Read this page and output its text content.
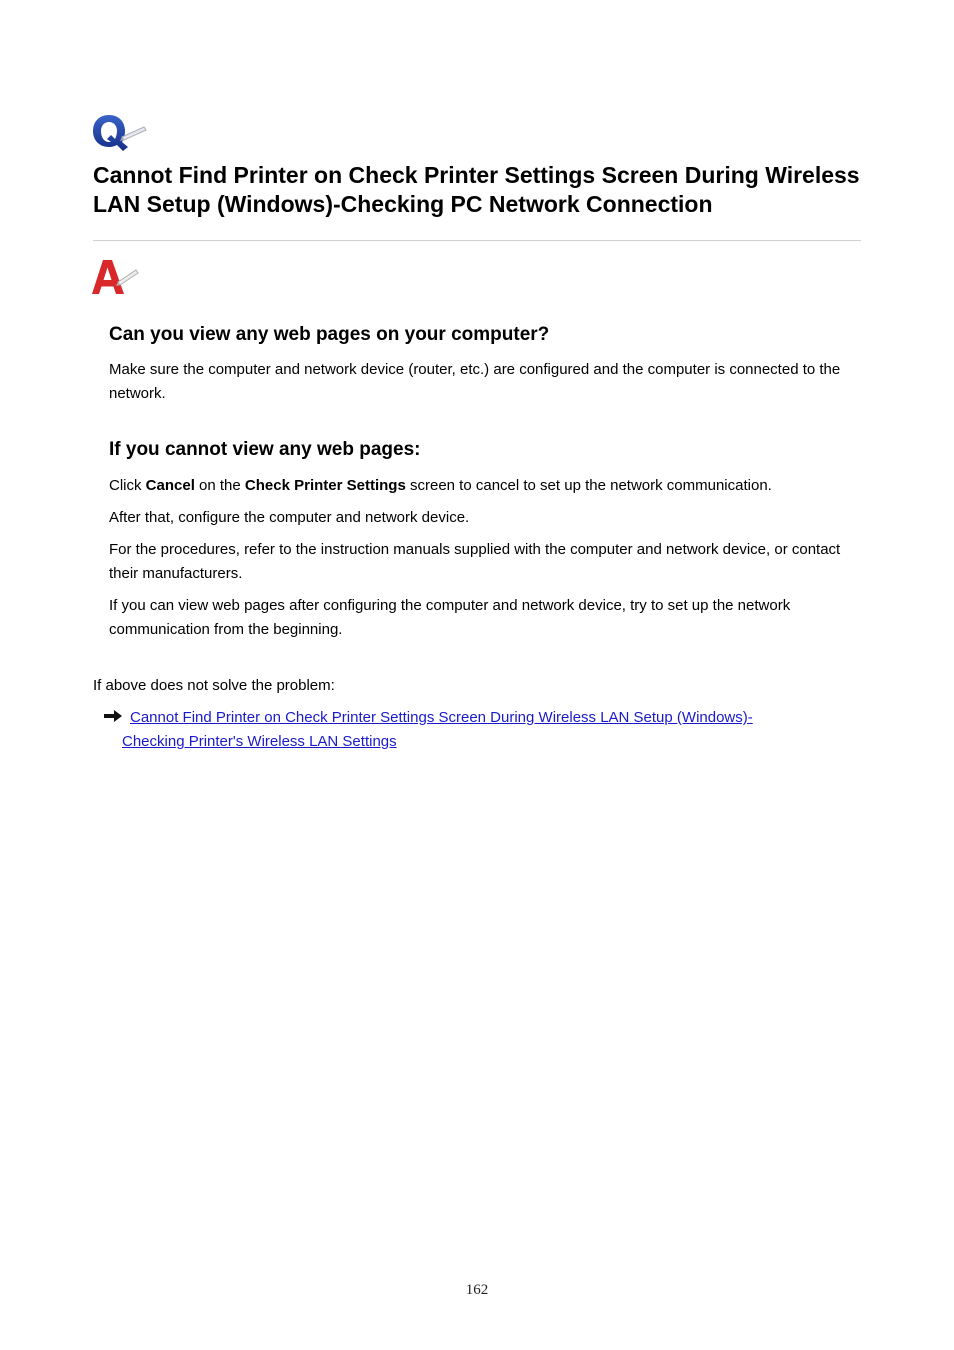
Cannot Find Printer on Check Printer Settings Screen During Wireless LAN Setup (Windows)-Checking PC Network Connection
Can you view any web pages on your computer?

Make sure the computer and network device (router, etc.) are configured and the computer is connected to the network.

If you cannot view any web pages:

Click Cancel on the Check Printer Settings screen to cancel to set up the network communication.

After that, configure the computer and network device.

For the procedures, refer to the instruction manuals supplied with the computer and network device, or contact their manufacturers.

If you can view web pages after configuring the computer and network device, try to set up the network communication from the beginning.

If above does not solve the problem:

Cannot Find Printer on Check Printer Settings Screen During Wireless LAN Setup (Windows)-
Checking Printer's Wireless LAN Settings
162
